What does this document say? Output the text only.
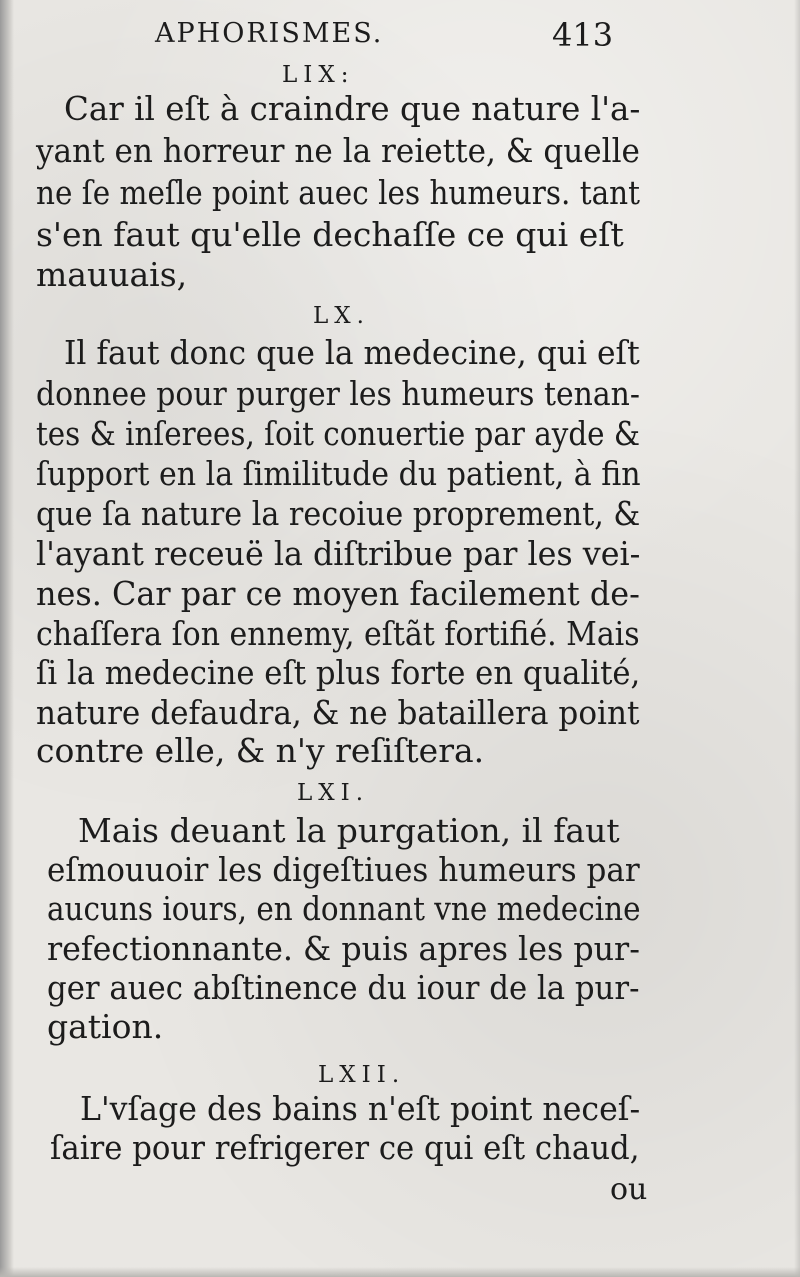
APHORISMES.	413
LIX:
Car il eſt à craindre que nature l'a-
yant en horreur ne la reiette, & quelle
ne ſe meſle point auec les humeurs. tant
s'en faut qu'elle dechaſſe ce qui eſt
mauuais,
LX.
Il faut donc que la medecine, qui eſt
donnee pour purger les humeurs tenan-
tes & inſerees, ſoit conuertie par ayde &
ſupport en la ſimilitude du patient, à fin
que ſa nature la recoiue proprement, &
l'ayant receuë la diſtribue par les vei-
nes. Car par ce moyen facilement de-
chaſſera ſon ennemy, eſtãt fortifié. Mais
ſi la medecine eſt plus forte en qualité,
nature defaudra, & ne bataillera point
contre elle, & n'y reſiſtera.
LXI.
Mais deuant la purgation, il faut
eſmouuoir les digeſtiues humeurs par
aucuns iours, en donnant vne medecine
refectionnante. & puis apres les pur-
ger auec abſtinence du iour de la pur-
gation.
LXII.
L'vſage des bains n'eſt point neceſ-
ſaire pour refrigerer ce qui eſt chaud,
ou
